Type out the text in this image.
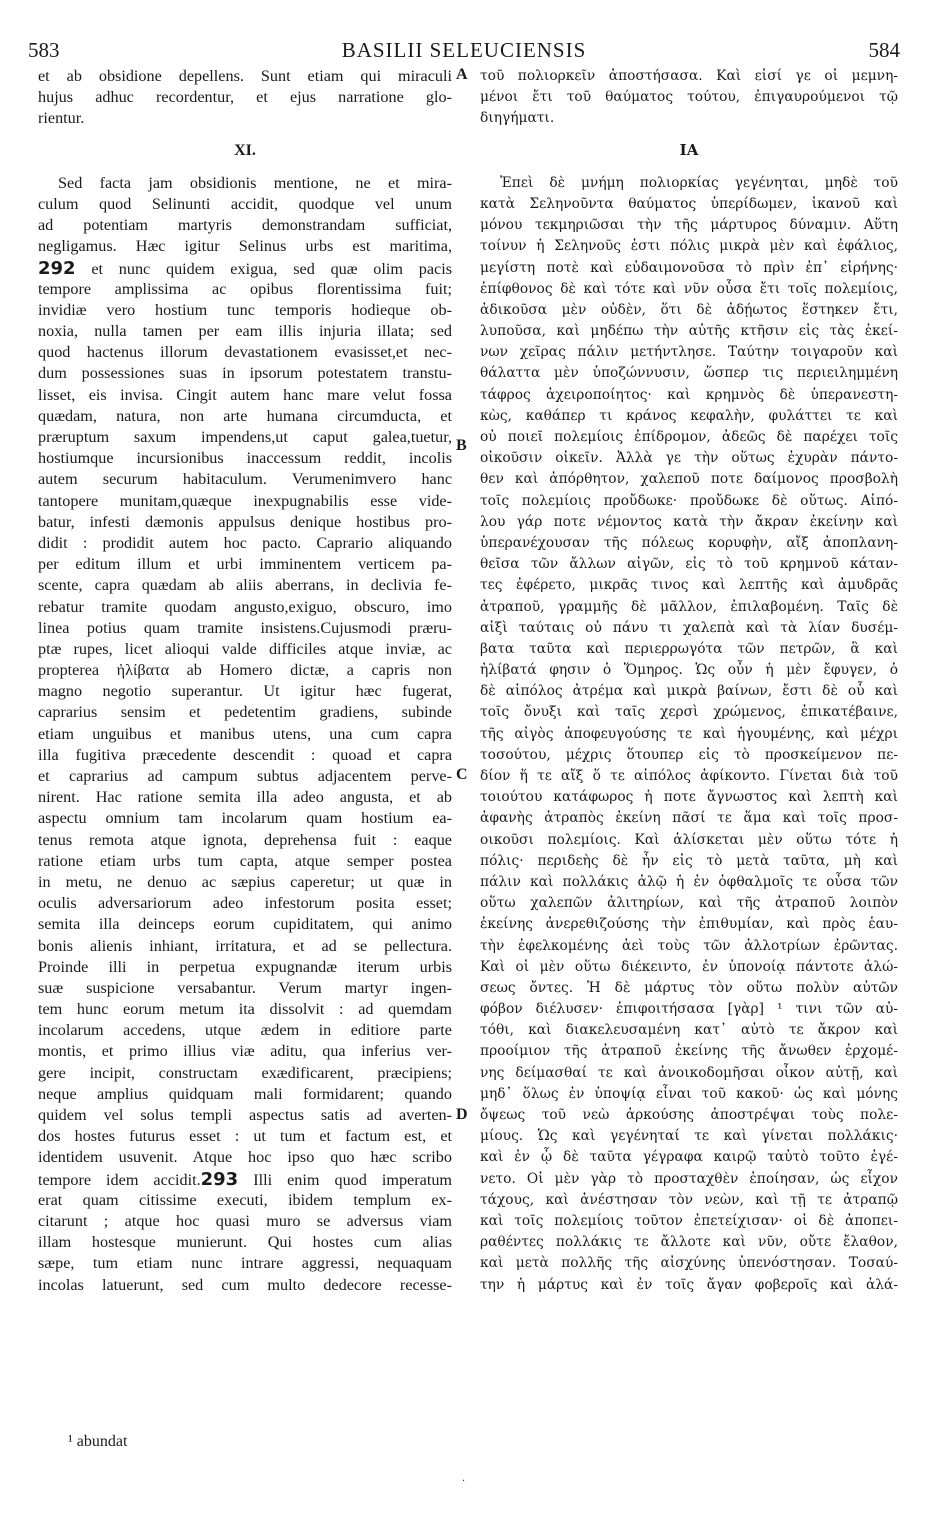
583	BASILII SELEUCIENSIS	584
et ab obsidione depellens. Sunt etiam qui miraculi
hujus adhuc recordentur, et ejus narratione glo-
rientur.
XI.
Sed facta jam obsidionis mentione, ne et mira-
culum quod Selinunti accidit, quodque vel unum
ad potentiam martyris demonstrandam sufficiat,
negligamus. Hæc igitur Selinus urbs est maritima,
292 et nunc quidem exigua, sed quæ olim pacis
tempore amplissima ac opibus florentissima fuit;
invidiæ vero hostium tunc temporis hodieque ob-
noxia, nulla tamen per eam illis injuria illata; sed
quod hactenus illorum devastationem evasisset,et nec-
dum possessiones suas in ipsorum potestatem transtu-
lisset, eis invisa. Cingit autem hanc mare velut fossa
quædam, natura, non arte humana circumducta, et
præruptum saxum impendens,ut caput galea,tuetur,
hostiumque incursionibus inaccessum reddit, incolis
autem securum habitaculum. Verumenimvero hanc
tantopere munitam,quæque inexpugnabilis esse vide-
batur, infesti dæmonis appulsus denique hostibus pro-
didit : prodidit autem hoc pacto. Caprario aliquando
per editum illum et urbi imminentem verticem pa-
scente, capra quædam ab aliis aberrans, in declivia fe-
rebatur tramite quodam angusto,exiguo, obscuro, imo
linea potius quam tramite insistens.Cujusmodi præru-
ptæ rupes, licet alioqui valde difficiles atque inviæ, ac
propterea ἠλίβατα ab Homero dictæ, a capris non
magno negotio superantur. Ut igitur hæc fugerat,
caprarius sensim et pedetentim gradiens, subinde
etiam unguibus et manibus utens, una cum capra
illa fugitiva præcedente descendit : quoad et capra
et caprarius ad campum subtus adjacentem perve-
nirent. Hac ratione semita illa adeo angusta, et ab
aspectu omnium tam incolarum quam hostium ea-
tenus remota atque ignota, deprehensa fuit : eaque
ratione etiam urbs tum capta, atque semper postea
in metu, ne denuo ac sæpius caperetur; ut quæ in
oculis adversariorum adeo infestorum posita esset;
semita illa deinceps eorum cupiditatem, qui animo
bonis alienis inhiant, irritatura, et ad se pellectura.
Proinde illi in perpetua expugnandæ iterum urbis
suæ suspicione versabantur. Verum martyr ingen-
tem hunc eorum metum ita dissolvit : ad quemdam
incolarum accedens, utque ædem in editiore parte
montis, et primo illius viæ aditu, qua inferius ver-
gere incipit, constructam exædificarent, præcipiens;
neque amplius quidquam mali formidarent; quando
quidem vel solus templi aspectus satis ad averten-
dos hostes futurus esset : ut tum et factum est, et
identidem usuvenit. Atque hoc ipso quo hæc scribo
tempore idem accidit.293 Illi enim quod imperatum
erat quam citissime executi, ibidem templum ex-
citarunt ; atque hoc quasi muro se adversus viam
illam hostesque munierunt. Qui hostes cum alias
sæpe, tum etiam nunc intrare aggressi, nequaquam
incolas latuerunt, sed cum multo dedecore recesse-
τοῦ πολιορκεῖν ἀποστήσασα. Καὶ εἰσί γε οἱ μεμνη-
μένοι ἔτι τοῦ θαύματος τούτου, ἐπιγαυρούμενοι τῷ
διηγήματι.
ΙΑ
Ἐπεὶ δὲ μνήμη πολιορκίας γεγένηται, μηδὲ τοῦ
κατὰ Σεληνοῦντα θαύματος ὑπερίδωμεν, ἱκανοῦ καὶ
μόνου τεκμηριῶσαι τὴν τῆς μάρτυρος δύναμιν. Αὕτη
τοίνυν ἡ Σεληνοῦς ἐστι πόλις μικρὰ μὲν καὶ ἐφάλιος,
μεγίστη ποτὲ καὶ εὐδαιμονοῦσα τὸ πρὶν ἐπ᾽ εἰρήνης·
ἐπίφθονος δὲ καὶ τότε καὶ νῦν οὖσα ἔτι τοῖς πολεμίοις,
ἀδικοῦσα μὲν οὐδὲν, ὅτι δὲ ἀδῄωτος ἕστηκεν ἔτι,
λυποῦσα, καὶ μηδέπω τὴν αὐτῆς κτῆσιν εἰς τὰς ἐκεί-
νων χεῖρας πάλιν μετήντλησε. Ταύτην τοιγαροῦν καὶ
θάλαττα μὲν ὑποζώννυσιν, ὥσπερ τις περιειλημμένη
τάφρος ἀχειροποίητος· καὶ κρημνὸς δὲ ὑπερανεστη-
κὼς, καθάπερ τι κράνος κεφαλὴν, φυλάττει τε καὶ
οὐ ποιεῖ πολεμίοις ἐπίδρομον, ἀδεῶς δὲ παρέχει τοῖς
οἰκοῦσιν οἰκεῖν. Ἀλλὰ γε τὴν οὕτως ἐχυρὰν πάντο-
θεν καὶ ἀπόρθητον, χαλεποῦ ποτε δαίμονος προσβολὴ
τοῖς πολεμίοις προὔδωκε· προὔδωκε δὲ οὕτως. Αἰπό-
λου γάρ ποτε νέμοντος κατὰ τὴν ἄκραν ἐκείνην καὶ
ὑπερανέχουσαν τῆς πόλεως κορυφὴν, αἴξ ἀποπλανη-
θεῖσα τῶν ἄλλων αἰγῶν, εἰς τὸ τοῦ κρημνοῦ κάταν-
τες ἐφέρετο, μικρᾶς τινος καὶ λεπτῆς καὶ ἀμυδρᾶς
ἀτραποῦ, γραμμῆς δὲ μᾶλλον, ἐπιλαβομένη. Ταῖς δὲ
αἰξὶ ταύταις οὐ πάνυ τι χαλεπὰ καὶ τὰ λίαν δυσέμ-
βατα ταῦτα καὶ περιερρωγότα τῶν πετρῶν, ἃ καὶ
ἠλίβατά φησιν ὁ Ὅμηρος. Ὡς οὖν ἡ μὲν ἔφυγεν, ὁ
δὲ αἰπόλος ἀτρέμα καὶ μικρὰ βαίνων, ἔστι δὲ οὗ καὶ
τοῖς ὄνυξι καὶ ταῖς χερσὶ χρώμενος, ἐπικατέβαινε,
τῆς αἰγὸς ἀποφευγούσης τε καὶ ἡγουμένης, καὶ μέχρι
τοσούτου, μέχρις ὅτουπερ εἰς τὸ προσκείμενον πε-
δίον ἥ τε αἴξ ὅ τε αἰπόλος ἀφίκοντο. Γίνεται διὰ τοῦ
τοιούτου κατάφωρος ἡ ποτε ἄγνωστος καὶ λεπτὴ καὶ
ἀφανὴς ἀτραπὸς ἐκείνη πᾶσί τε ἅμα καὶ τοῖς προσ-
οικοῦσι πολεμίοις. Καὶ ἁλίσκεται μὲν οὕτω τότε ἡ
πόλις· περιδεὴς δὲ ἦν εἰς τὸ μετὰ ταῦτα, μὴ καὶ
πάλιν καὶ πολλάκις ἁλῷ ἡ ἐν ὀφθαλμοῖς τε οὖσα τῶν
οὕτω χαλεπῶν ἀλιτηρίων, καὶ τῆς ἀτραποῦ λοιπὸν
ἐκείνης ἀνερεθιζούσης τὴν ἐπιθυμίαν, καὶ πρὸς ἑαυ-
τὴν ἐφελκομένης ἀεὶ τοὺς τῶν ἀλλοτρίων ἐρῶντας.
Καὶ οἱ μὲν οὕτω διέκειντο, ἐν ὑπονοίᾳ πάντοτε ἁλώ-
σεως ὄντες. Ἡ δὲ μάρτυς τὸν οὕτω πολὺν αὐτῶν
φόβον διέλυσεν· ἐπιφοιτήσασα [γὰρ] ¹ τινι τῶν αὐ-
τόθι, καὶ διακελευσαμένη κατ᾽ αὐτὸ τε ἄκρον καὶ
προοίμιον τῆς ἀτραποῦ ἐκείνης τῆς ἄνωθεν ἐρχομέ-
νης δείμασθαί τε καὶ ἀνοικοδομῆσαι οἶκον αὐτῇ, καὶ
μηδ᾽ ὅλως ἐν ὑποψίᾳ εἶναι τοῦ κακοῦ· ὡς καὶ μόνης
ὄψεως τοῦ νεὼ ἀρκούσης ἀποστρέψαι τοὺς πολε-
μίους. Ὡς καὶ γεγένηταί τε καὶ γίνεται πολλάκις·
καὶ ἐν ᾧ δὲ ταῦτα γέγραφα καιρῷ ταὐτὸ τοῦτο ἐγέ-
νετο. Οἱ μὲν γὰρ τὸ προσταχθὲν ἐποίησαν, ὡς εἶχον
τάχους, καὶ ἀνέστησαν τὸν νεὼν, καὶ τῇ τε ἀτραπῷ
καὶ τοῖς πολεμίοις τοῦτον ἐπετείχισαν· οἱ δὲ ἀποπει-
ραθέντες πολλάκις τε ἄλλοτε καὶ νῦν, οὔτε ἔλαθον,
καὶ μετὰ πολλῆς τῆς αἰσχύνης ὑπενόστησαν. Τοσαύ-
την ἡ μάρτυς καὶ ἐν τοῖς ἄγαν φοβεροῖς καὶ ἀλά-
A
B
C
D
¹ abundat
·
